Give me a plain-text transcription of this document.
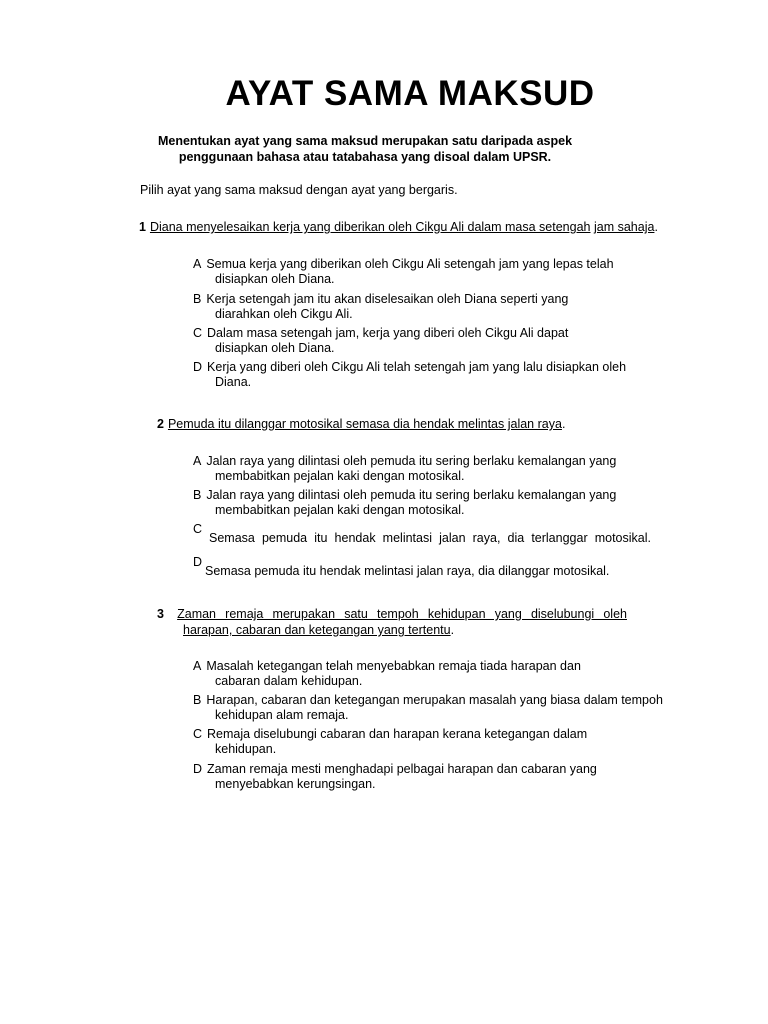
AYAT SAMA MAKSUD
Menentukan ayat yang sama maksud merupakan satu daripada aspek
penggunaan bahasa atau tatabahasa yang disoal dalam UPSR.
Pilih ayat yang sama maksud dengan ayat yang bergaris.
1 Diana menyelesaikan kerja yang diberikan oleh Cikgu Ali dalam masa setengah jam sahaja.
A Semua kerja yang diberikan oleh Cikgu Ali setengah jam yang lepas telah
disiapkan oleh Diana.
B Kerja setengah jam itu akan diselesaikan oleh Diana seperti yang
diarahkan oleh Cikgu Ali.
C Dalam masa setengah jam, kerja yang diberi oleh Cikgu Ali dapat
disiapkan oleh Diana.
D Kerja yang diberi oleh Cikgu Ali telah setengah jam yang lalu disiapkan oleh
Diana.
2 Pemuda itu dilanggar motosikal semasa dia hendak melintas jalan raya.
A Jalan raya yang dilintasi oleh pemuda itu sering berlaku kemalangan yang
membabitkan pejalan kaki dengan motosikal.
B Jalan raya yang dilintasi oleh pemuda itu sering berlaku kemalangan yang
membabitkan pejalan kaki dengan motosikal.
C
Semasa pemuda itu hendak melintasi jalan raya, dia terlanggar motosikal.
D
Semasa pemuda itu hendak melintasi jalan raya, dia dilanggar motosikal.
3 Zaman remaja merupakan satu tempoh kehidupan yang diselubungi oleh
harapan, cabaran dan ketegangan yang tertentu.
A Masalah ketegangan telah menyebabkan remaja tiada harapan dan
cabaran dalam kehidupan.
B Harapan, cabaran dan ketegangan merupakan masalah yang biasa dalam tempoh
kehidupan alam remaja.
C Remaja diselubungi cabaran dan harapan kerana ketegangan dalam
kehidupan.
D Zaman remaja mesti menghadapi pelbagai harapan dan cabaran yang
menyebabkan kerungsingan.
